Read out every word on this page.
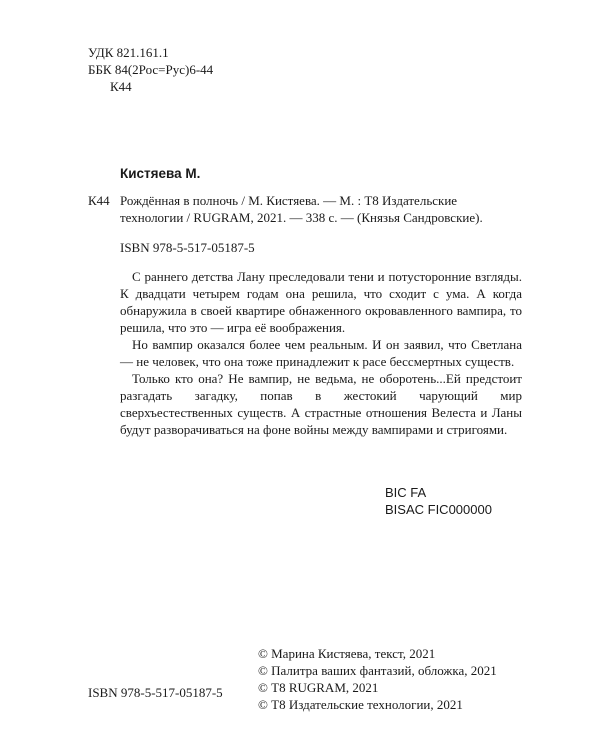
УДК 821.161.1
ББК 84(2Рос=Рус)6-44
К44
Кистяева М.
К44 Рождённая в полночь / М. Кистяева. — М. : Т8 Издательские
технологии / RUGRAM, 2021. — 338 с. — (Князья Сандровские).
ISBN 978-5-517-05187-5

С раннего детства Лану преследовали тени и потусторонние взгляды. К двадцати четырем годам она решила, что сходит с ума. А когда обнаружила в своей квартире обнаженного окровавленного вампира, то решила, что это — игра её воображения.

Но вампир оказался более чем реальным. И он заявил, что Светлана — не человек, что она тоже принадлежит к расе бессмертных существ.

Только кто она? Не вампир, не ведьма, не оборотень...Ей предстоит разгадать загадку, попав в жестокий чарующий мир сверхъестественных существ. А страстные отношения Велеста и Ланы будут разворачиваться на фоне войны между вампирами и стригоями.

BIC FA
BISAC FIC000000
© Марина Кистяева, текст, 2021
© Палитра ваших фантазий, обложка, 2021
© Т8 RUGRAM, 2021
© Т8 Издательские технологии, 2021
ISBN 978-5-517-05187-5
